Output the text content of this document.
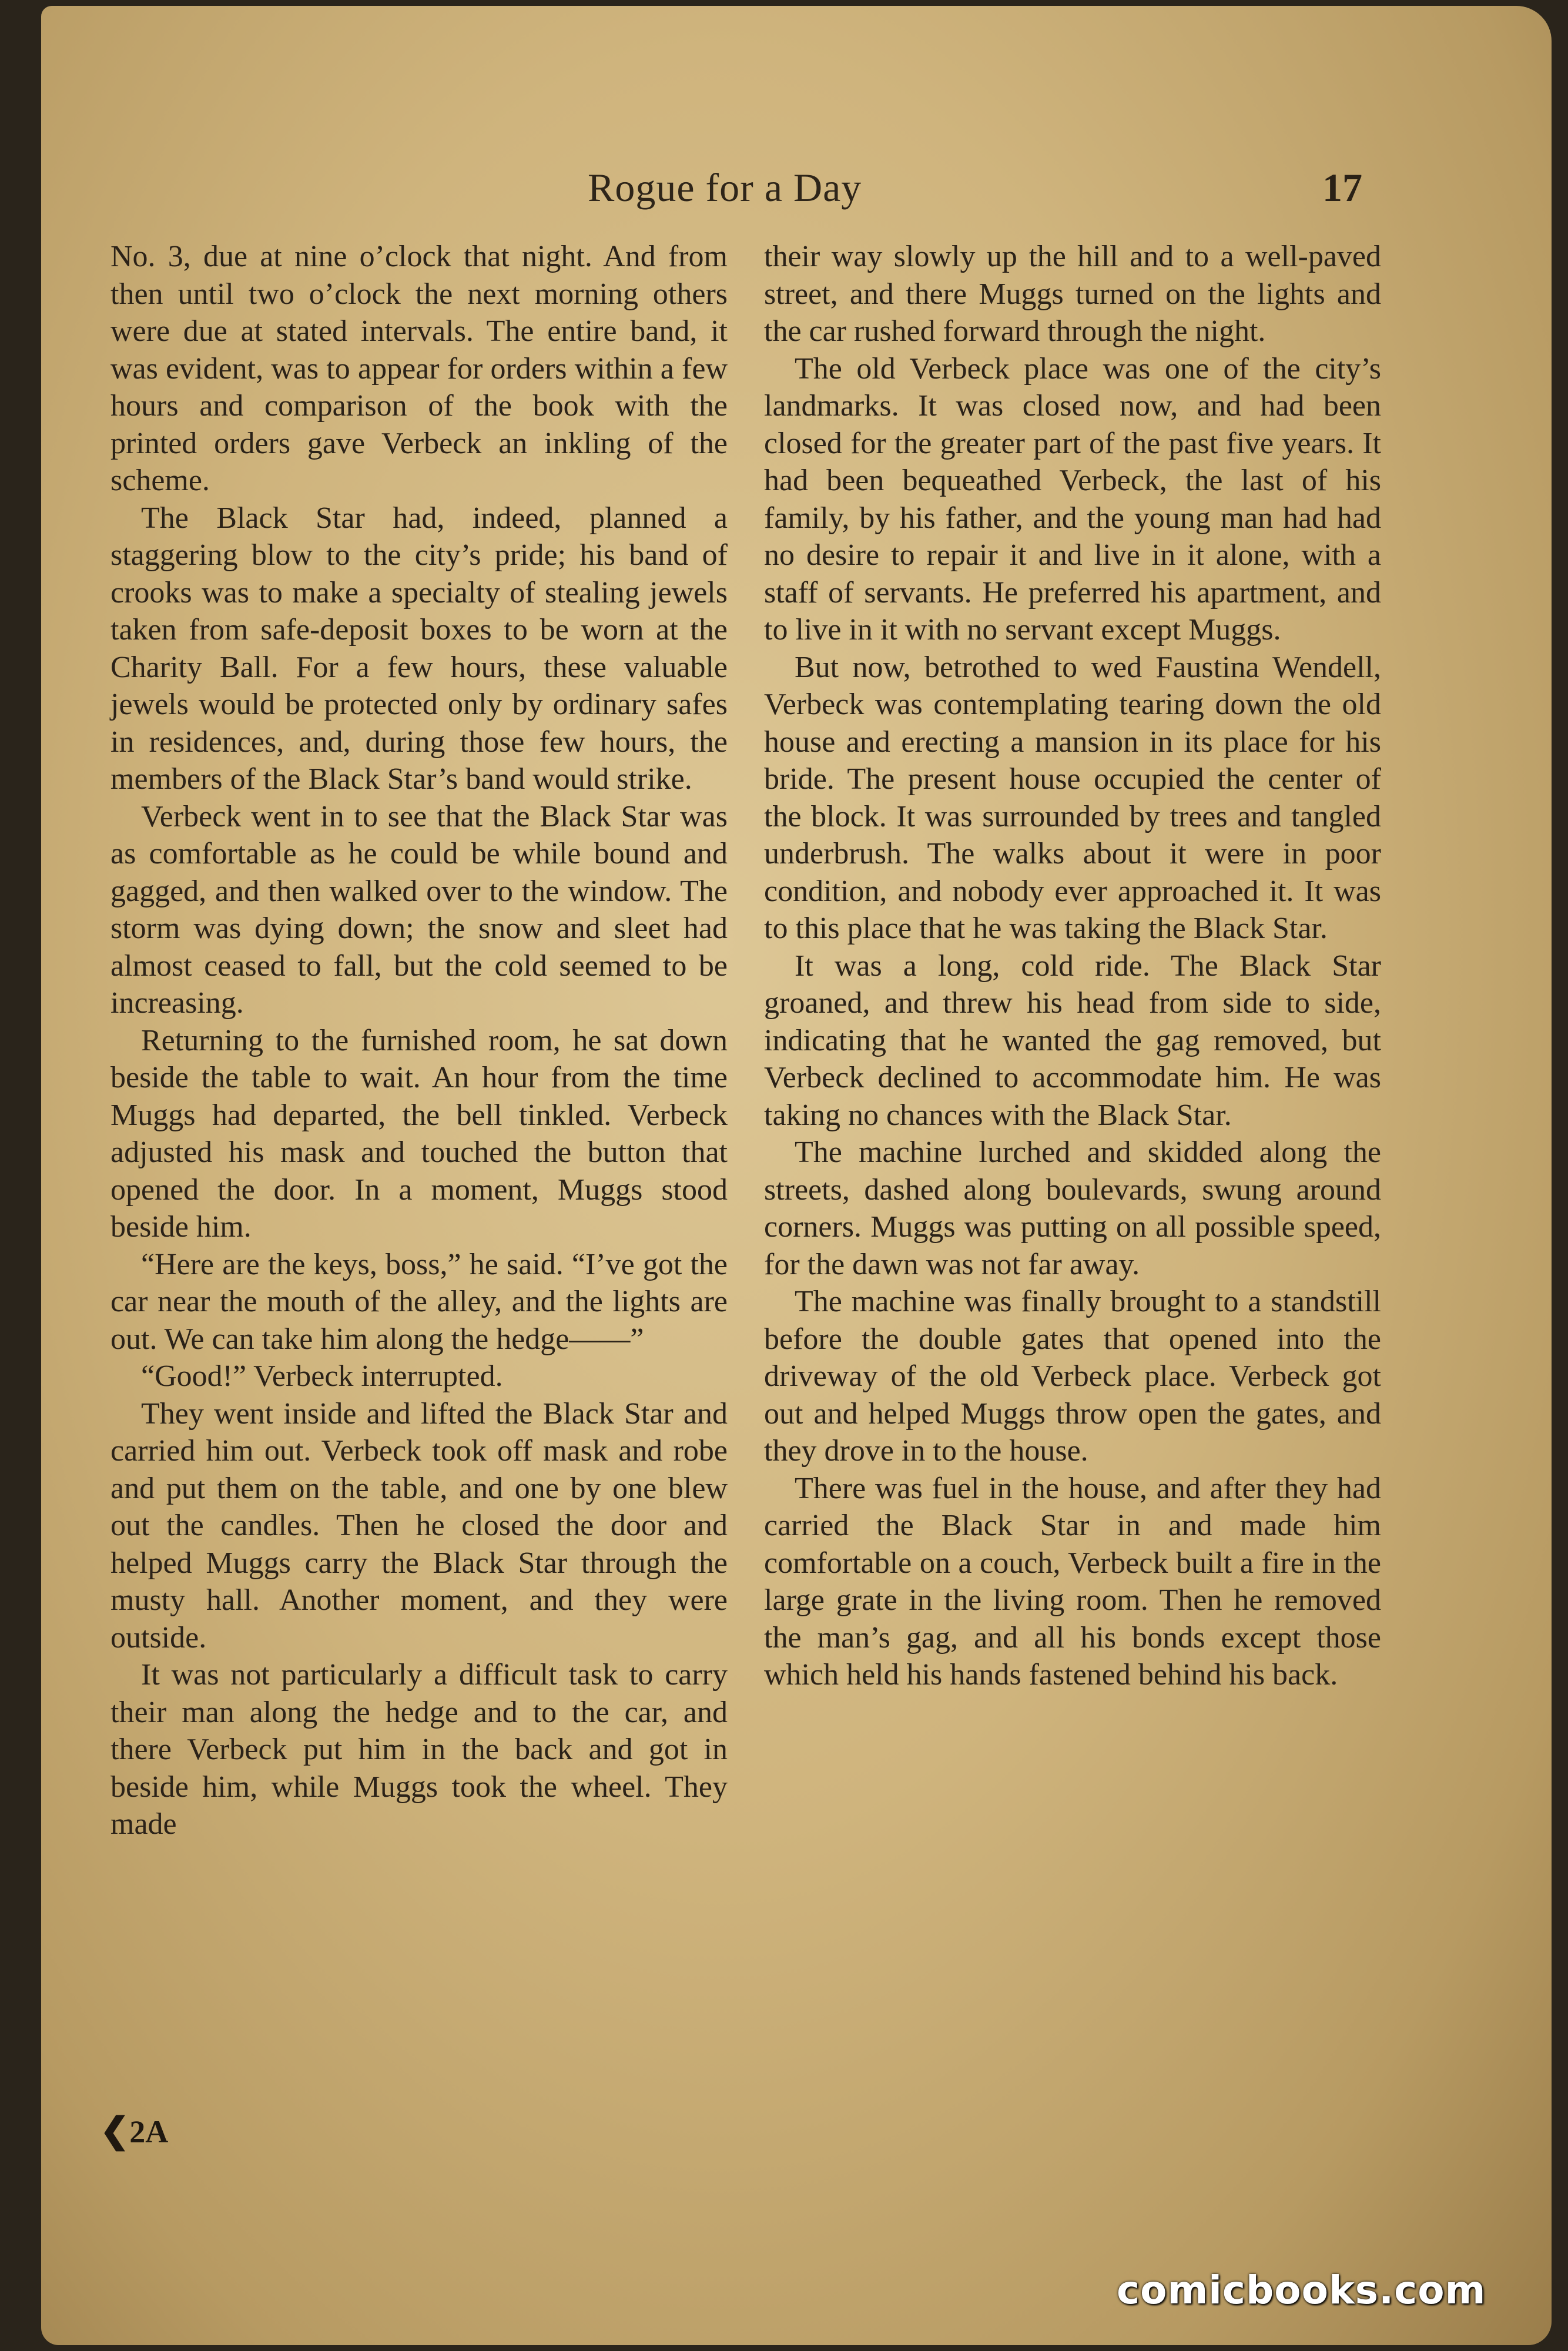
Rogue for a Day	17

No. 3, due at nine o’clock that night. And from then until two o’clock the next morning others were due at stated intervals. The entire band, it was evident, was to appear for orders within a few hours and comparison of the book with the printed orders gave Verbeck an inkling of the scheme.

The Black Star had, indeed, planned a staggering blow to the city’s pride; his band of crooks was to make a specialty of stealing jewels taken from safe-deposit boxes to be worn at the Charity Ball. For a few hours, these valuable jewels would be protected only by ordinary safes in residences, and, during those few hours, the members of the Black Star’s band would strike.

Verbeck went in to see that the Black Star was as comfortable as he could be while bound and gagged, and then walked over to the window. The storm was dying down; the snow and sleet had almost ceased to fall, but the cold seemed to be increasing.

Returning to the furnished room, he sat down beside the table to wait. An hour from the time Muggs had departed, the bell tinkled. Verbeck adjusted his mask and touched the button that opened the door. In a moment, Muggs stood beside him.

“Here are the keys, boss,” he said. “I’ve got the car near the mouth of the alley, and the lights are out. We can take him along the hedge——”

“Good!” Verbeck interrupted.

They went inside and lifted the Black Star and carried him out. Verbeck took off mask and robe and put them on the table, and one by one blew out the candles. Then he closed the door and helped Muggs carry the Black Star through the musty hall. Another moment, and they were outside.

It was not particularly a difficult task to carry their man along the hedge and to the car, and there Verbeck put him in the back and got in beside him, while Muggs took the wheel. They made

their way slowly up the hill and to a well-paved street, and there Muggs turned on the lights and the car rushed forward through the night.

The old Verbeck place was one of the city’s landmarks. It was closed now, and had been closed for the greater part of the past five years. It had been bequeathed Verbeck, the last of his family, by his father, and the young man had had no desire to repair it and live in it alone, with a staff of servants. He preferred his apartment, and to live in it with no servant except Muggs.

But now, betrothed to wed Faustina Wendell, Verbeck was contemplating tearing down the old house and erecting a mansion in its place for his bride. The present house occupied the center of the block. It was surrounded by trees and tangled underbrush. The walks about it were in poor condition, and nobody ever approached it. It was to this place that he was taking the Black Star.

It was a long, cold ride. The Black Star groaned, and threw his head from side to side, indicating that he wanted the gag removed, but Verbeck declined to accommodate him. He was taking no chances with the Black Star.

The machine lurched and skidded along the streets, dashed along boulevards, swung around corners. Muggs was putting on all possible speed, for the dawn was not far away.

The machine was finally brought to a standstill before the double gates that opened into the driveway of the old Verbeck place. Verbeck got out and helped Muggs throw open the gates, and they drove in to the house.

There was fuel in the house, and after they had carried the Black Star in and made him comfortable on a couch, Verbeck built a fire in the large grate in the living room. Then he removed the man’s gag, and all his bonds except those which held his hands fastened behind his back.

❮2A
comicbooks.com
